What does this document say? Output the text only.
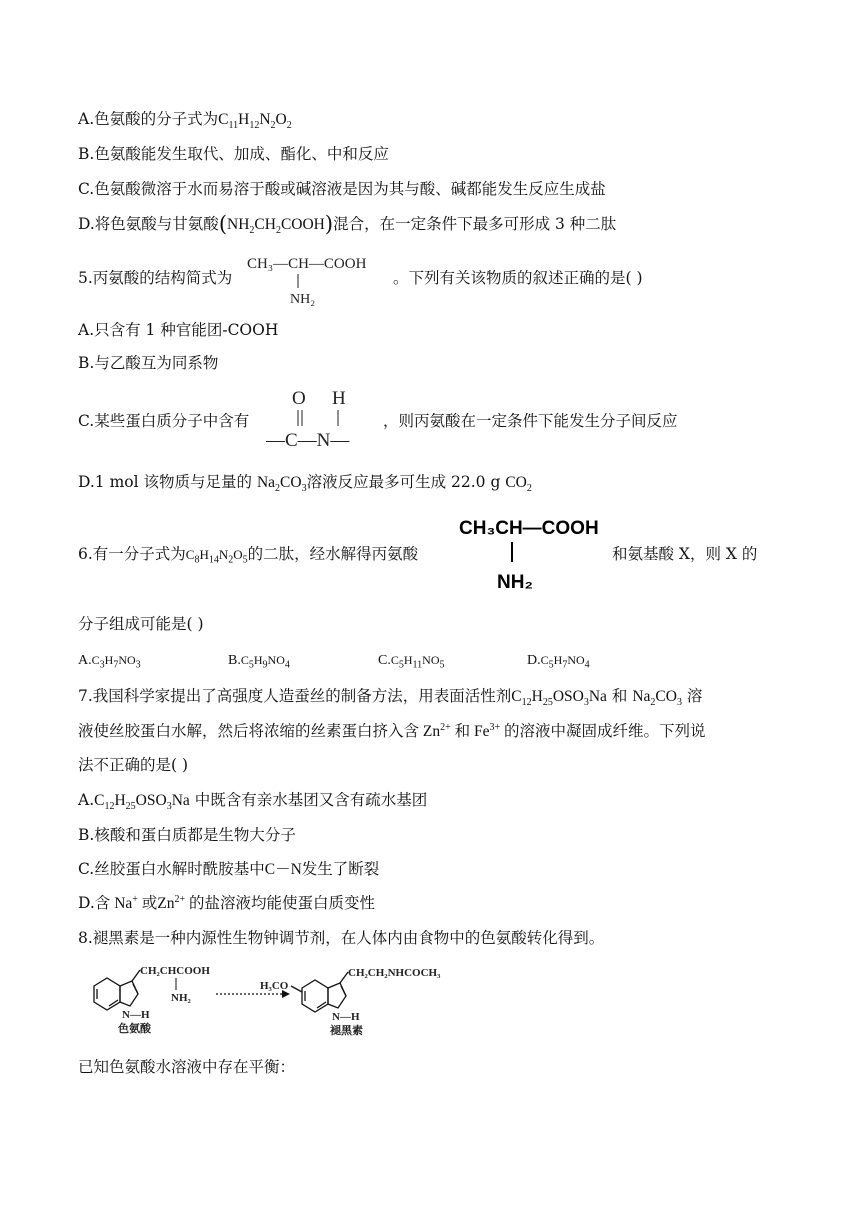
A.色氨酸的分子式为$C_{11}H_{12}N_2O_2$
B.色氨酸能发生取代、加成、酯化、中和反应
C.色氨酸微溶于水而易溶于酸或碱溶液是因为其与酸、碱都能发生反应生成盐
D.将色氨酸与甘氨酸$(NH_2CH_2COOH)$混合，在一定条件下最多可形成 3 种二肽
5.丙氨酸的结构简式为
CH₃—CH—COOH
NH₂
。下列有关该物质的叙述正确的是( )
A.只含有 1 种官能团-COOH
B.与乙酸互为同系物
C.某些蛋白质分子中含有
O H
—C—N—
，则丙氨酸在一定条件下能发生分子间反应
D.1 mol 该物质与足量的 $Na_2CO_3$溶液反应最多可生成 22.0 g $CO_2$
6.有一分子式为$C_8H_{14}N_2O_5$的二肽，经水解得丙氨酸
CH₃CH—COOH
NH₂
和氨基酸 X，则 X 的
分子组成可能是( )
$A.C_3H_7NO_3$	$B.C_5H_9NO_4$	$C.C_5H_{11}NO_5$	$D.C_5H_7NO_4$
7.我国科学家提出了高强度人造蚕丝的制备方法，用表面活性剂$C_{12}H_{25}OSO_3Na$ 和 $Na_2CO_3$ 溶
液使丝胶蛋白水解，然后将浓缩的丝素蛋白挤入含 $Zn^{2+}$ 和 $Fe^{3+}$ 的溶液中凝固成纤维。下列说
法不正确的是( )
$A.C_{12}H_{25}OSO_3Na$ 中既含有亲水基团又含有疏水基团
B.核酸和蛋白质都是生物大分子
C.丝胶蛋白水解时酰胺基中C－N发生了断裂
D.含 Na+ 或$Zn^{2+}$ 的盐溶液均能使蛋白质变性
8.褪黑素是一种内源性生物钟调节剂，在人体内由食物中的色氨酸转化得到。
CH₂CHCOOH
NH₂
N—H
色氨酸
H₃CO
CH₂CH₂NHCOCH₃
N—H
褪黑素
已知色氨酸水溶液中存在平衡：
